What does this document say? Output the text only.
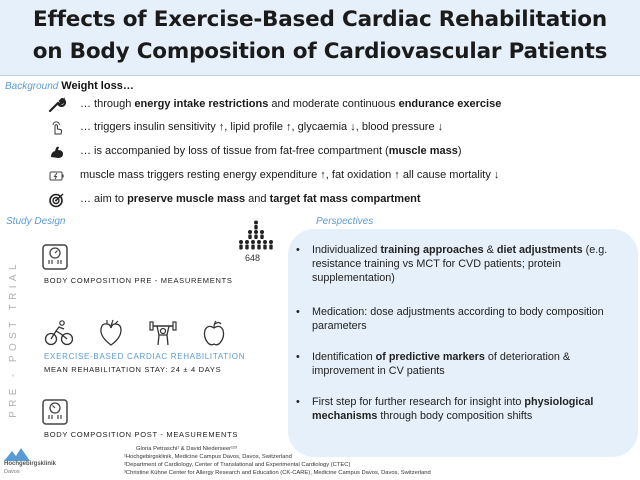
Effects of Exercise-Based Cardiac Rehabilitation
on Body Composition of Cardiovascular Patients
Background Weight loss…
… through energy intake restrictions and moderate continuous endurance exercise
… triggers insulin sensitivity ↑, lipid profile ↑, glycaemia ↓, blood pressure ↓
… is accompanied by loss of tissue from fat-free compartment (muscle mass)
muscle mass triggers resting energy expenditure ↑, fat oxidation ↑ all cause mortality ↓
… aim to preserve muscle mass and target fat mass compartment
Study Design	Perspectives
PRE - POST TRIAL
648
BODY COMPOSITION PRE - MEASUREMENTS
EXERCISE-BASED CARDIAC REHABILITATION
MEAN REHABILITATION STAY: 24 ± 4 DAYS
BODY COMPOSITION POST - MEASUREMENTS
• Individualized training approaches & diet adjustments (e.g. resistance training vs MCT for CVD patients; protein supplementation)
• Medication: dose adjustments according to body composition parameters
• Identification of predictive markers of deterioration & improvement in CV patients
• First step for further research for insight into physiological mechanisms through body composition shifts
Hochgebirgsklinik
Davos
Gloria Petraschi¹ & David Niederseer¹²³
¹Hochgebirgsklinik, Medicine Campus Davos, Davos, Switzerland
²Department of Cardiology, Center of Translational and Experimental Cardiology (CTEC)
³Christine Kühne Center for Allergy Research and Education (CK-CARE), Medicine Campus Davos, Davos, Switzerland
